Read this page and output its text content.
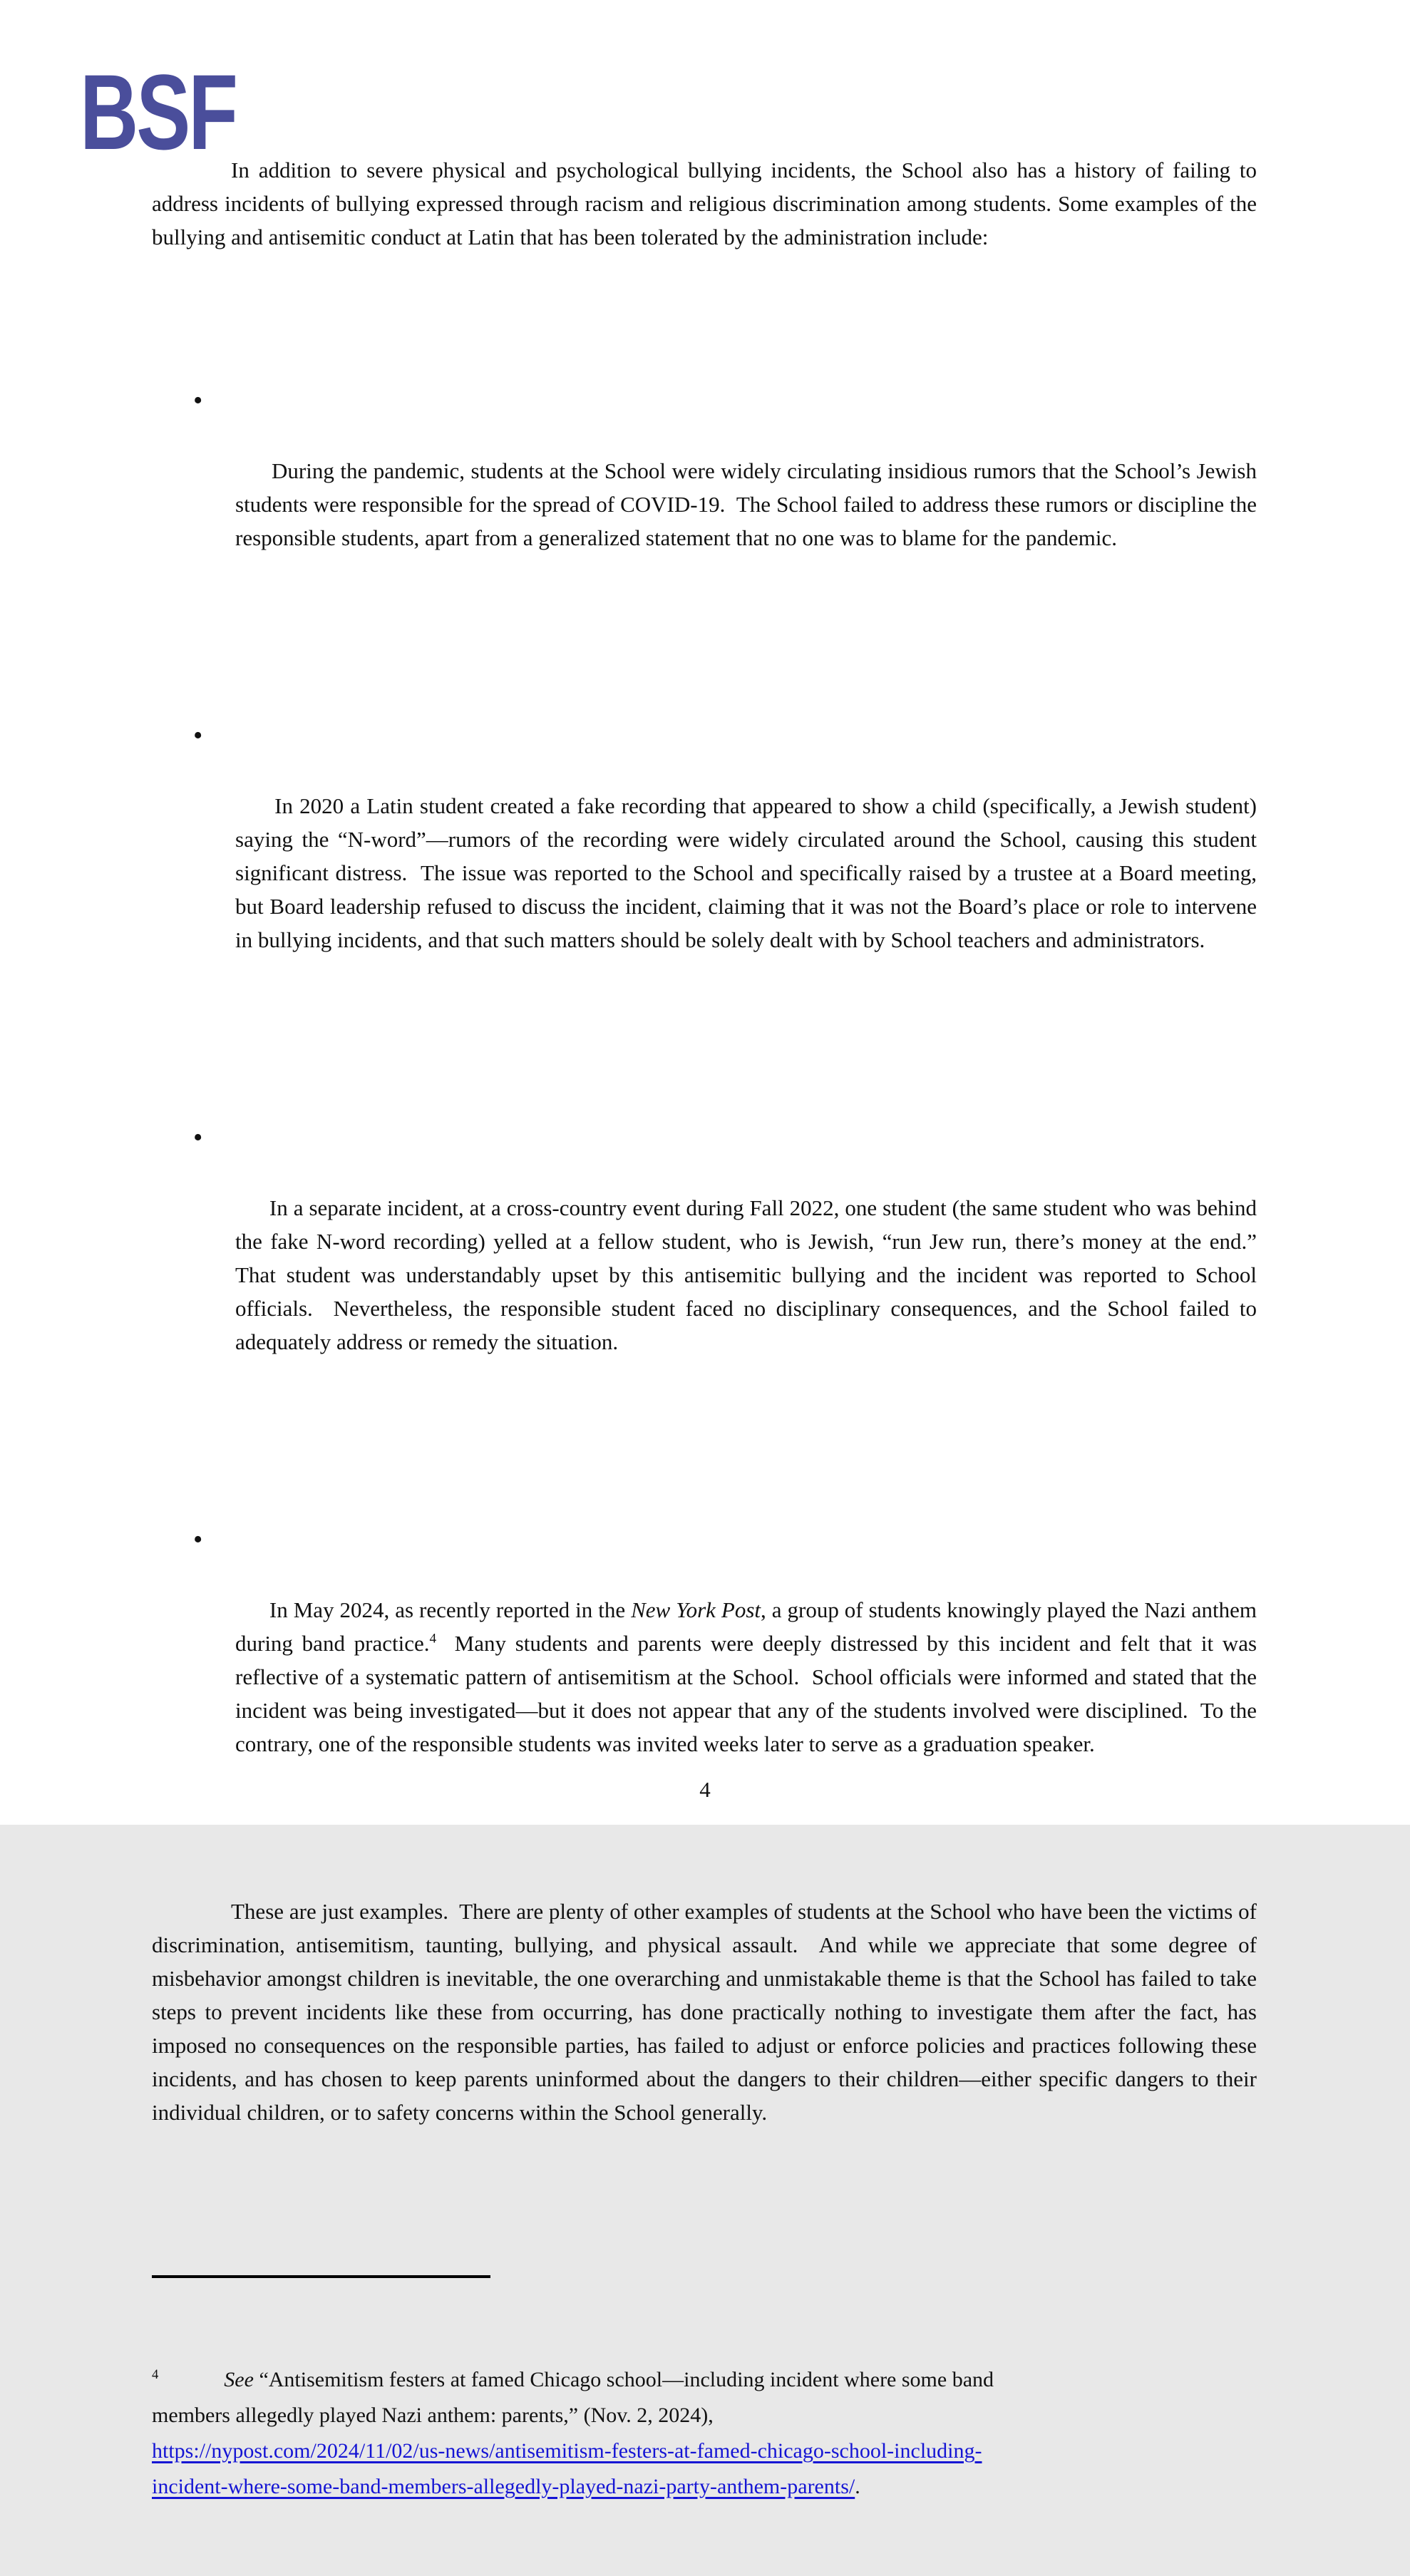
BSF

In addition to severe physical and psychological bullying incidents, the School also has a history of failing to address incidents of bullying expressed through racism and religious discrimination among students. Some examples of the bullying and antisemitic conduct at Latin that has been tolerated by the administration include:

•

During the pandemic, students at the School were widely circulating insidious rumors that the School’s Jewish students were responsible for the spread of COVID-19.  The School failed to address these rumors or discipline the responsible students, apart from a generalized statement that no one was to blame for the pandemic.

•

In 2020 a Latin student created a fake recording that appeared to show a child (specifically, a Jewish student) saying the “N-word”—rumors of the recording were widely circulated around the School, causing this student significant distress.  The issue was reported to the School and specifically raised by a trustee at a Board meeting, but Board leadership refused to discuss the incident, claiming that it was not the Board’s place or role to intervene in bullying incidents, and that such matters should be solely dealt with by School teachers and administrators.

•

In a separate incident, at a cross-country event during Fall 2022, one student (the same student who was behind the fake N-word recording) yelled at a fellow student, who is Jewish, “run Jew run, there’s money at the end.”  That student was understandably upset by this antisemitic bullying and the incident was reported to School officials.  Nevertheless, the responsible student faced no disciplinary consequences, and the School failed to adequately address or remedy the situation.

•

In May 2024, as recently reported in the New York Post, a group of students knowingly played the Nazi anthem during band practice.$^4$  Many students and parents were deeply distressed by this incident and felt that it was reflective of a systematic pattern of antisemitism at the School.  School officials were informed and stated that the incident was being investigated—but it does not appear that any of the students involved were disciplined.  To the contrary, one of the responsible students was invited weeks later to serve as a graduation speaker.

These are just examples.  There are plenty of other examples of students at the School who have been the victims of discrimination, antisemitism, taunting, bullying, and physical assault.  And while we appreciate that some degree of misbehavior amongst children is inevitable, the one overarching and unmistakable theme is that the School has failed to take steps to prevent incidents like these from occurring, has done practically nothing to investigate them after the fact, has imposed no consequences on the responsible parties, has failed to adjust or enforce policies and practices following these incidents, and has chosen to keep parents uninformed about the dangers to their children—either specific dangers to their individual children, or to safety concerns within the School generally.

$^4$	See “Antisemitism festers at famed Chicago school—including incident where some band
members allegedly played Nazi anthem: parents,” (Nov. 2, 2024),
https://nypost.com/2024/11/02/us-news/antisemitism-festers-at-famed-chicago-school-including-
incident-where-some-band-members-allegedly-played-nazi-party-anthem-parents/.

4
